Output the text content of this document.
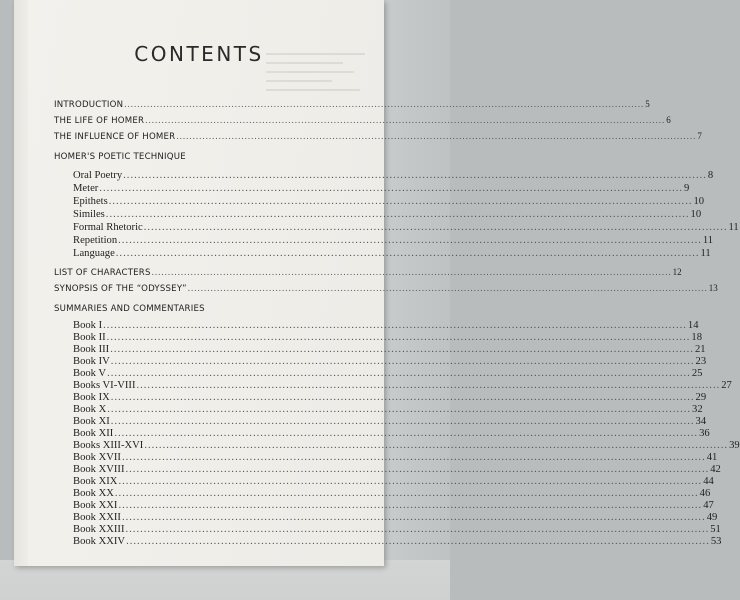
CONTENTS
INTRODUCTION ................................................................................................................................................................ 5
THE LIFE OF HOMER ................................................................................................................................................................ 6
THE INFLUENCE OF HOMER ................................................................................................................................................................ 7
HOMER'S POETIC TECHNIQUE
Oral Poetry ................................................................................................................................................................ 8
Meter ................................................................................................................................................................ 9
Epithets ................................................................................................................................................................ 10
Similes ................................................................................................................................................................ 10
Formal Rhetoric ................................................................................................................................................................ 11
Repetition ................................................................................................................................................................ 11
Language ................................................................................................................................................................ 11
LIST OF CHARACTERS ................................................................................................................................................................ 12
SYNOPSIS OF THE “ODYSSEY” ................................................................................................................................................................ 13
SUMMARIES AND COMMENTARIES
Book I ................................................................................................................................................................ 14
Book II ................................................................................................................................................................ 18
Book III ................................................................................................................................................................ 21
Book IV ................................................................................................................................................................ 23
Book V ................................................................................................................................................................ 25
Books VI-VIII ................................................................................................................................................................ 27
Book IX ................................................................................................................................................................ 29
Book X ................................................................................................................................................................ 32
Book XI ................................................................................................................................................................ 34
Book XII ................................................................................................................................................................ 36
Books XIII-XVI ................................................................................................................................................................ 39
Book XVII ................................................................................................................................................................ 41
Book XVIII ................................................................................................................................................................ 42
Book XIX ................................................................................................................................................................ 44
Book XX ................................................................................................................................................................ 46
Book XXI ................................................................................................................................................................ 47
Book XXII ................................................................................................................................................................ 49
Book XXIII ................................................................................................................................................................ 51
Book XXIV ................................................................................................................................................................ 53
